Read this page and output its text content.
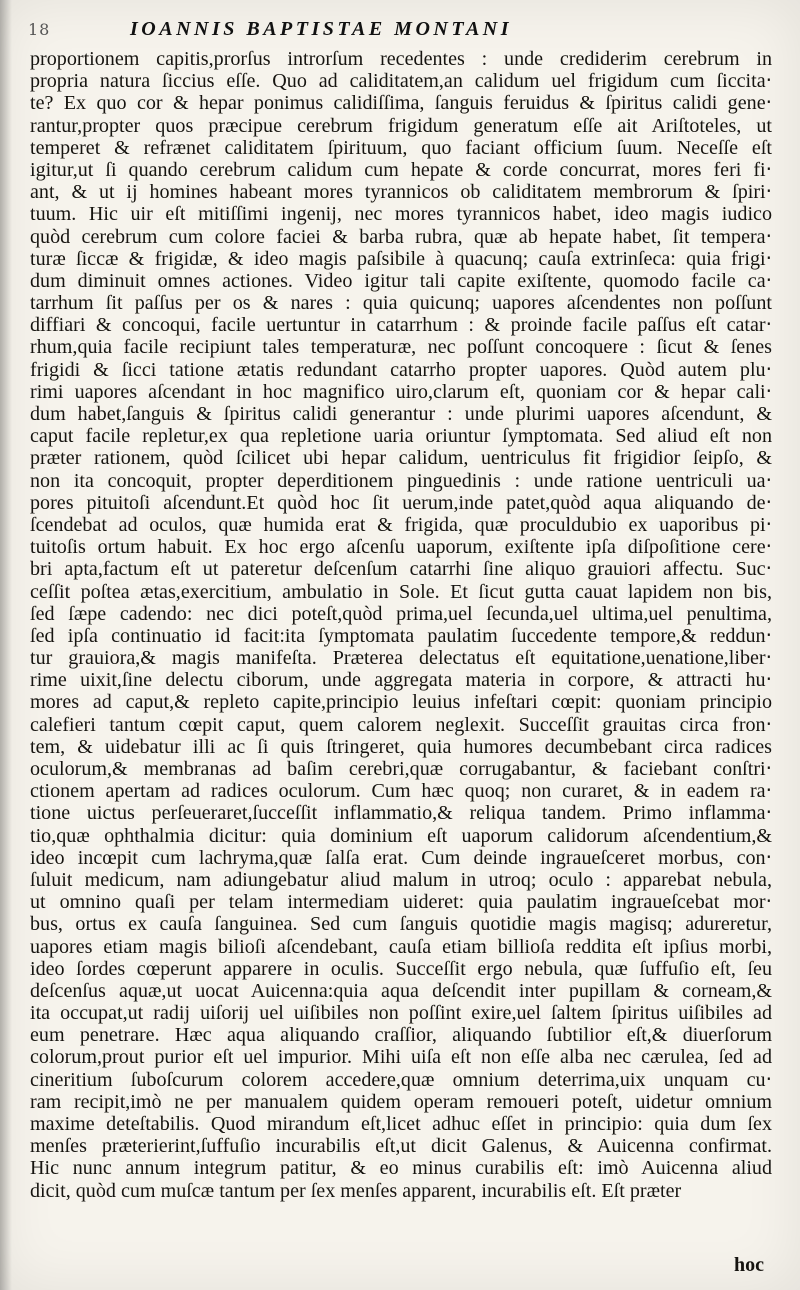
18	IOANNIS BAPTISTAE MONTANI
proportionem capitis,prorſus introrſum recedentes : unde crediderim cerebrum in
propria natura ſiccius eſſe. Quo ad caliditatem,an calidum uel frigidum cum ſiccita‧
te? Ex quo cor & hepar ponimus calidiſſima, ſanguis feruidus & ſpiritus calidi gene‧
rantur,propter quos præcipue cerebrum frigidum generatum eſſe ait Ariſtoteles, ut
temperet & refrænet caliditatem ſpirituum, quo faciant officium ſuum. Neceſſe eſt
igitur,ut ſi quando cerebrum calidum cum hepate & corde concurrat, mores feri fi‧
ant, & ut ij homines habeant mores tyrannicos ob caliditatem membrorum & ſpiri‧
tuum. Hic uir eſt mitiſſimi ingenij, nec mores tyrannicos habet, ideo magis iudico
quòd cerebrum cum colore faciei & barba rubra, quæ ab hepate habet, ſit tempera‧
turæ ſiccæ & frigidæ, & ideo magis paſsibile à quacunq; cauſa extrinſeca: quia frigi‧
dum diminuit omnes actiones. Video igitur tali capite exiſtente, quomodo facile ca‧
tarrhum ſit paſſus per os & nares : quia quicunq; uapores aſcendentes non poſſunt
diffiari & concoqui, facile uertuntur in catarrhum : & proinde facile paſſus eſt catar‧
rhum,quia facile recipiunt tales temperaturæ, nec poſſunt concoquere : ſicut & ſenes
frigidi & ſicci tatione ætatis redundant catarrho propter uapores. Quòd autem plu‧
rimi uapores aſcendant in hoc magnifico uiro,clarum eſt, quoniam cor & hepar cali‧
dum habet,ſanguis & ſpiritus calidi generantur : unde plurimi uapores aſcendunt, &
caput facile repletur,ex qua repletione uaria oriuntur ſymptomata. Sed aliud eſt non
præter rationem, quòd ſcilicet ubi hepar calidum, uentriculus fit frigidior ſeipſo, &
non ita concoquit, propter deperditionem pinguedinis : unde ratione uentriculi ua‧
pores pituitoſi aſcendunt.Et quòd hoc ſit uerum,inde patet,quòd aqua aliquando de‧
ſcendebat ad oculos, quæ humida erat & frigida, quæ proculdubio ex uaporibus pi‧
tuitoſis ortum habuit. Ex hoc ergo aſcenſu uaporum, exiſtente ipſa diſpoſitione cere‧
bri apta,factum eſt ut pateretur deſcenſum catarrhi ſine aliquo grauiori affectu. Suc‧
ceſſit poſtea ætas,exercitium, ambulatio in Sole. Et ſicut gutta cauat lapidem non bis,
ſed ſæpe cadendo: nec dici poteſt,quòd prima,uel ſecunda,uel ultima,uel penultima,
ſed ipſa continuatio id facit:ita ſymptomata paulatim ſuccedente tempore,& reddun‧
tur grauiora,& magis manifeſta. Præterea delectatus eſt equitatione,uenatione,liber‧
rime uixit,ſine delectu ciborum, unde aggregata materia in corpore, & attracti hu‧
mores ad caput,& repleto capite,principio leuius infeſtari cœpit: quoniam principio
calefieri tantum cœpit caput, quem calorem neglexit. Succeſſit grauitas circa fron‧
tem, & uidebatur illi ac ſi quis ſtringeret, quia humores decumbebant circa radices
oculorum,& membranas ad baſim cerebri,quæ corrugabantur, & faciebant conſtri‧
ctionem apertam ad radices oculorum. Cum hæc quoq; non curaret, & in eadem ra‧
tione uictus perſeueraret,ſucceſſit inflammatio,& reliqua tandem. Primo inflamma‧
tio,quæ ophthalmia dicitur: quia dominium eſt uaporum calidorum aſcendentium,&
ideo incœpit cum lachryma,quæ ſalſa erat. Cum deinde ingraueſceret morbus, con‧
ſuluit medicum, nam adiungebatur aliud malum in utroq; oculo : apparebat nebula,
ut omnino quaſi per telam intermediam uideret: quia paulatim ingraueſcebat mor‧
bus, ortus ex cauſa ſanguinea. Sed cum ſanguis quotidie magis magisq; adureretur,
uapores etiam magis bilioſi aſcendebant, cauſa etiam billioſa reddita eſt ipſius morbi,
ideo ſordes cœperunt apparere in oculis. Succeſſit ergo nebula, quæ ſuffuſio eſt, ſeu
deſcenſus aquæ,ut uocat Auicenna:quia aqua deſcendit inter pupillam & corneam,&
ita occupat,ut radij uiſorij uel uiſibiles non poſſint exire,uel ſaltem ſpiritus uiſibiles ad
eum penetrare. Hæc aqua aliquando craſſior, aliquando ſubtilior eſt,& diuerſorum
colorum,prout purior eſt uel impurior. Mihi uiſa eſt non eſſe alba nec cærulea, ſed ad
cineritium ſuboſcurum colorem accedere,quæ omnium deterrima,uix unquam cu‧
ram recipit,imò ne per manualem quidem operam remoueri poteſt, uidetur omnium
maxime deteſtabilis. Quod mirandum eſt,licet adhuc eſſet in principio: quia dum ſex
menſes præterierint,ſuffuſio incurabilis eſt,ut dicit Galenus, & Auicenna confirmat.
Hic nunc annum integrum patitur, & eo minus curabilis eſt: imò Auicenna aliud
dicit, quòd cum muſcæ tantum per ſex menſes apparent, incurabilis eſt. Eſt præter
hoc
